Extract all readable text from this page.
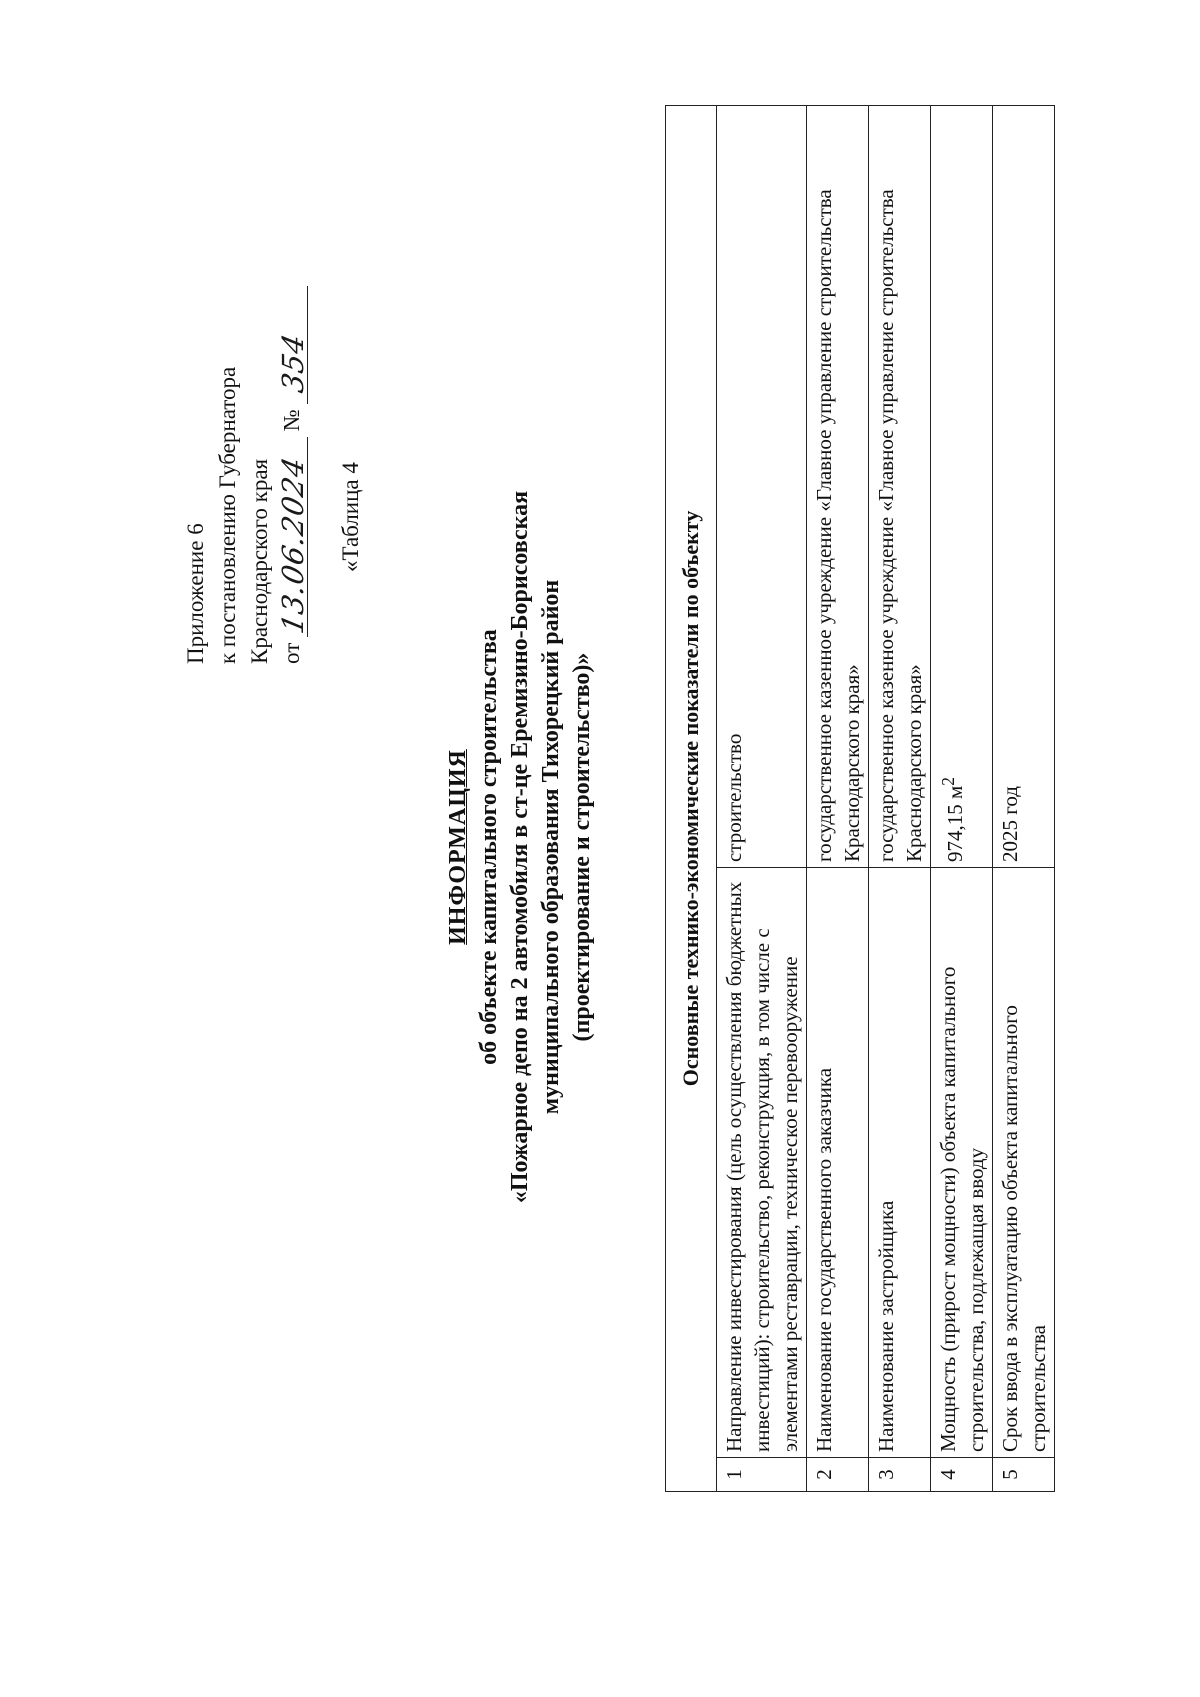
Приложение 6 к постановлению Губернатора Краснодарского края от
13.06.2024
№
354
«Таблица 4
ИНФОРМАЦИЯ об объекте капитального строительства «Пожарное депо на 2 автомобиля в ст-це Еремизино-Борисовская муниципального образования Тихорецкий район (проектирование и строительство)»	Основные технико-экономические показатели по объекту		
1	Направление инвестирования (цель осуществления бюджетных инвестиций): строительство, реконструкция, в том числе с элементами реставрации, техническое перевооружение	строительство
2	Наименование государственного заказчика	государственное казенное учреждение «Главное управление строительства Краснодарского края»
3	Наименование застройщика	государственное казенное учреждение «Главное управление строительства Краснодарского края»
4	Мощность (прирост мощности) объекта капитального строительства, подлежащая вводу	974,15 $м^2$
5	Срок ввода в эксплуатацию объекта капитального строительства	2025 год
